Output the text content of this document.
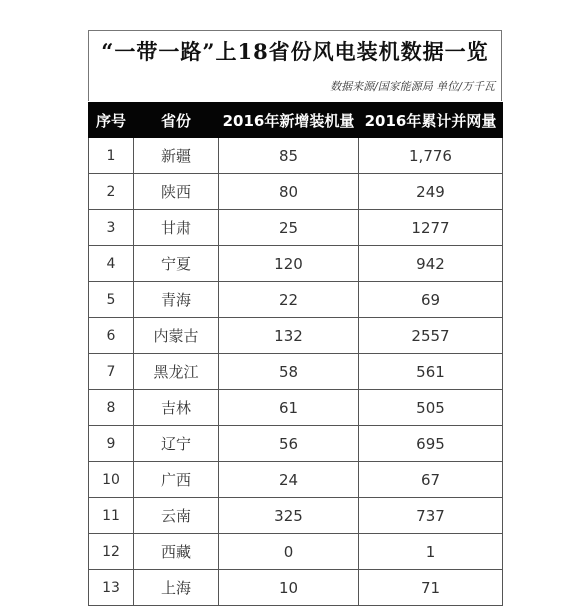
“一带一路”上18省份风电装机数据一览
数据来源/国家能源局 单位/万千瓦
序号	省份	2016年新增装机量	2016年累计并网量
1	新疆	85	1,776
2	陕西	80	249
3	甘肃	25	1277
4	宁夏	120	942
5	青海	22	69
6	内蒙古	132	2557
7	黑龙江	58	561
8	吉林	61	505
9	辽宁	56	695
10	广西	24	67
11	云南	325	737
12	西藏	0	1
13	上海	10	71
